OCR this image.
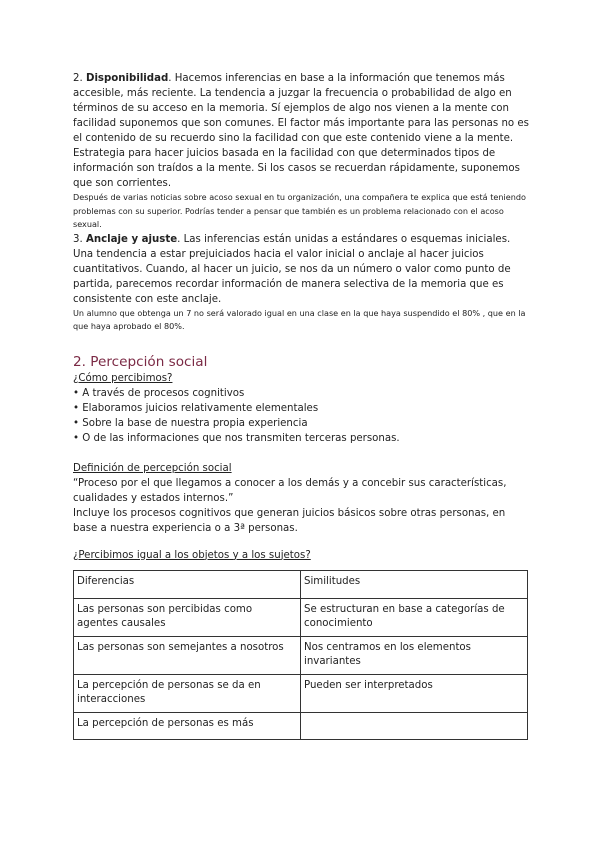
2. Disponibilidad. Hacemos inferencias en base a la información que tenemos más accesible, más reciente. La tendencia a juzgar la frecuencia o probabilidad de algo en términos de su acceso en la memoria. Sí ejemplos de algo nos vienen a la mente con facilidad suponemos que son comunes. El factor más importante para las personas no es el contenido de su recuerdo sino la facilidad con que este contenido viene a la mente. Estrategia para hacer juicios basada en la facilidad con que determinados tipos de información son traídos a la mente. Si los casos se recuerdan rápidamente, suponemos que son corrientes.

Después de varias noticias sobre acoso sexual en tu organización, una compañera te explica que está teniendo problemas con su superior. Podrías tender a pensar que también es un problema relacionado con el acoso sexual.

3. Anclaje y ajuste. Las inferencias están unidas a estándares o esquemas iniciales.

Una tendencia a estar prejuiciados hacia el valor inicial o anclaje al hacer juicios cuantitativos. Cuando, al hacer un juicio, se nos da un número o valor como punto de partida, parecemos recordar información de manera selectiva de la memoria que es consistente con este anclaje.

Un alumno que obtenga un 7 no será valorado igual en una clase en la que haya suspendido el 80% , que en la que haya aprobado el 80%.

2. Percepción social

¿Cómo percibimos?

• A través de procesos cognitivos

• Elaboramos juicios relativamente elementales

• Sobre la base de nuestra propia experiencia

• O de las informaciones que nos transmiten terceras personas.

Definición de percepción social

“Proceso por el que llegamos a conocer a los demás y a concebir sus características, cualidades y estados internos.”

Incluye los procesos cognitivos que generan juicios básicos sobre otras personas, en base a nuestra experiencia o a 3ª personas.

¿Percibimos igual a los objetos y a los sujetos?

Diferencias	Similitudes
Las personas son percibidas como agentes causales	Se estructuran en base a categorías de conocimiento
Las personas son semejantes a nosotros	Nos centramos en los elementos invariantes
La percepción de personas se da en interacciones	Pueden ser interpretados
La percepción de personas es más	
